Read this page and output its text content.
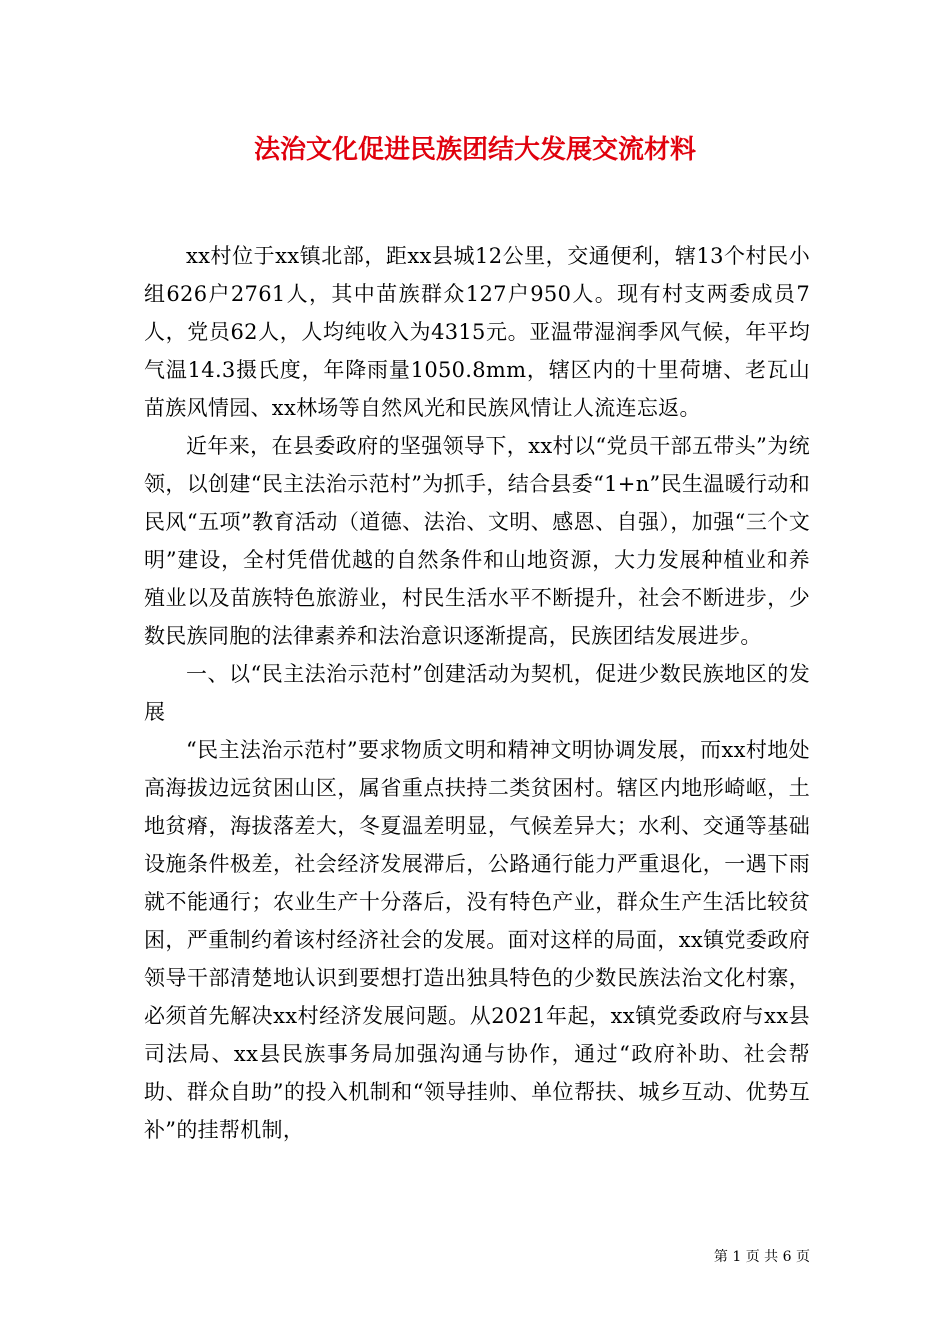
法治文化促进民族团结大发展交流材料

xx村位于xx镇北部，距xx县城12公里，交通便利，辖13个村民小组626户2761人，其中苗族群众127户950人。现有村支两委成员7人，党员62人，人均纯收入为4315元。亚温带湿润季风气候，年平均气温14.3摄氏度，年降雨量1050.8mm，辖区内的十里荷塘、老瓦山苗族风情园、xx林场等自然风光和民族风情让人流连忘返。

近年来，在县委政府的坚强领导下，xx村以“党员干部五带头”为统领，以创建“民主法治示范村”为抓手，结合县委“1+n”民生温暖行动和民风“五项”教育活动（道德、法治、文明、感恩、自强），加强“三个文明”建设，全村凭借优越的自然条件和山地资源，大力发展种植业和养殖业以及苗族特色旅游业，村民生活水平不断提升，社会不断进步，少数民族同胞的法律素养和法治意识逐渐提高，民族团结发展进步。

一、以“民主法治示范村”创建活动为契机，促进少数民族地区的发展

“民主法治示范村”要求物质文明和精神文明协调发展，而xx村地处高海拔边远贫困山区，属省重点扶持二类贫困村。辖区内地形崎岖，土地贫瘠，海拔落差大，冬夏温差明显，气候差异大；水利、交通等基础设施条件极差，社会经济发展滞后，公路通行能力严重退化，一遇下雨就不能通行；农业生产十分落后，没有特色产业，群众生产生活比较贫困，严重制约着该村经济社会的发展。面对这样的局面，xx镇党委政府领导干部清楚地认识到要想打造出独具特色的少数民族法治文化村寨，必须首先解决xx村经济发展问题。从2021年起，xx镇党委政府与xx县司法局、xx县民族事务局加强沟通与协作，通过“政府补助、社会帮助、群众自助”的投入机制和“领导挂帅、单位帮扶、城乡互动、优势互补”的挂帮机制，

第 1 页 共 6 页
